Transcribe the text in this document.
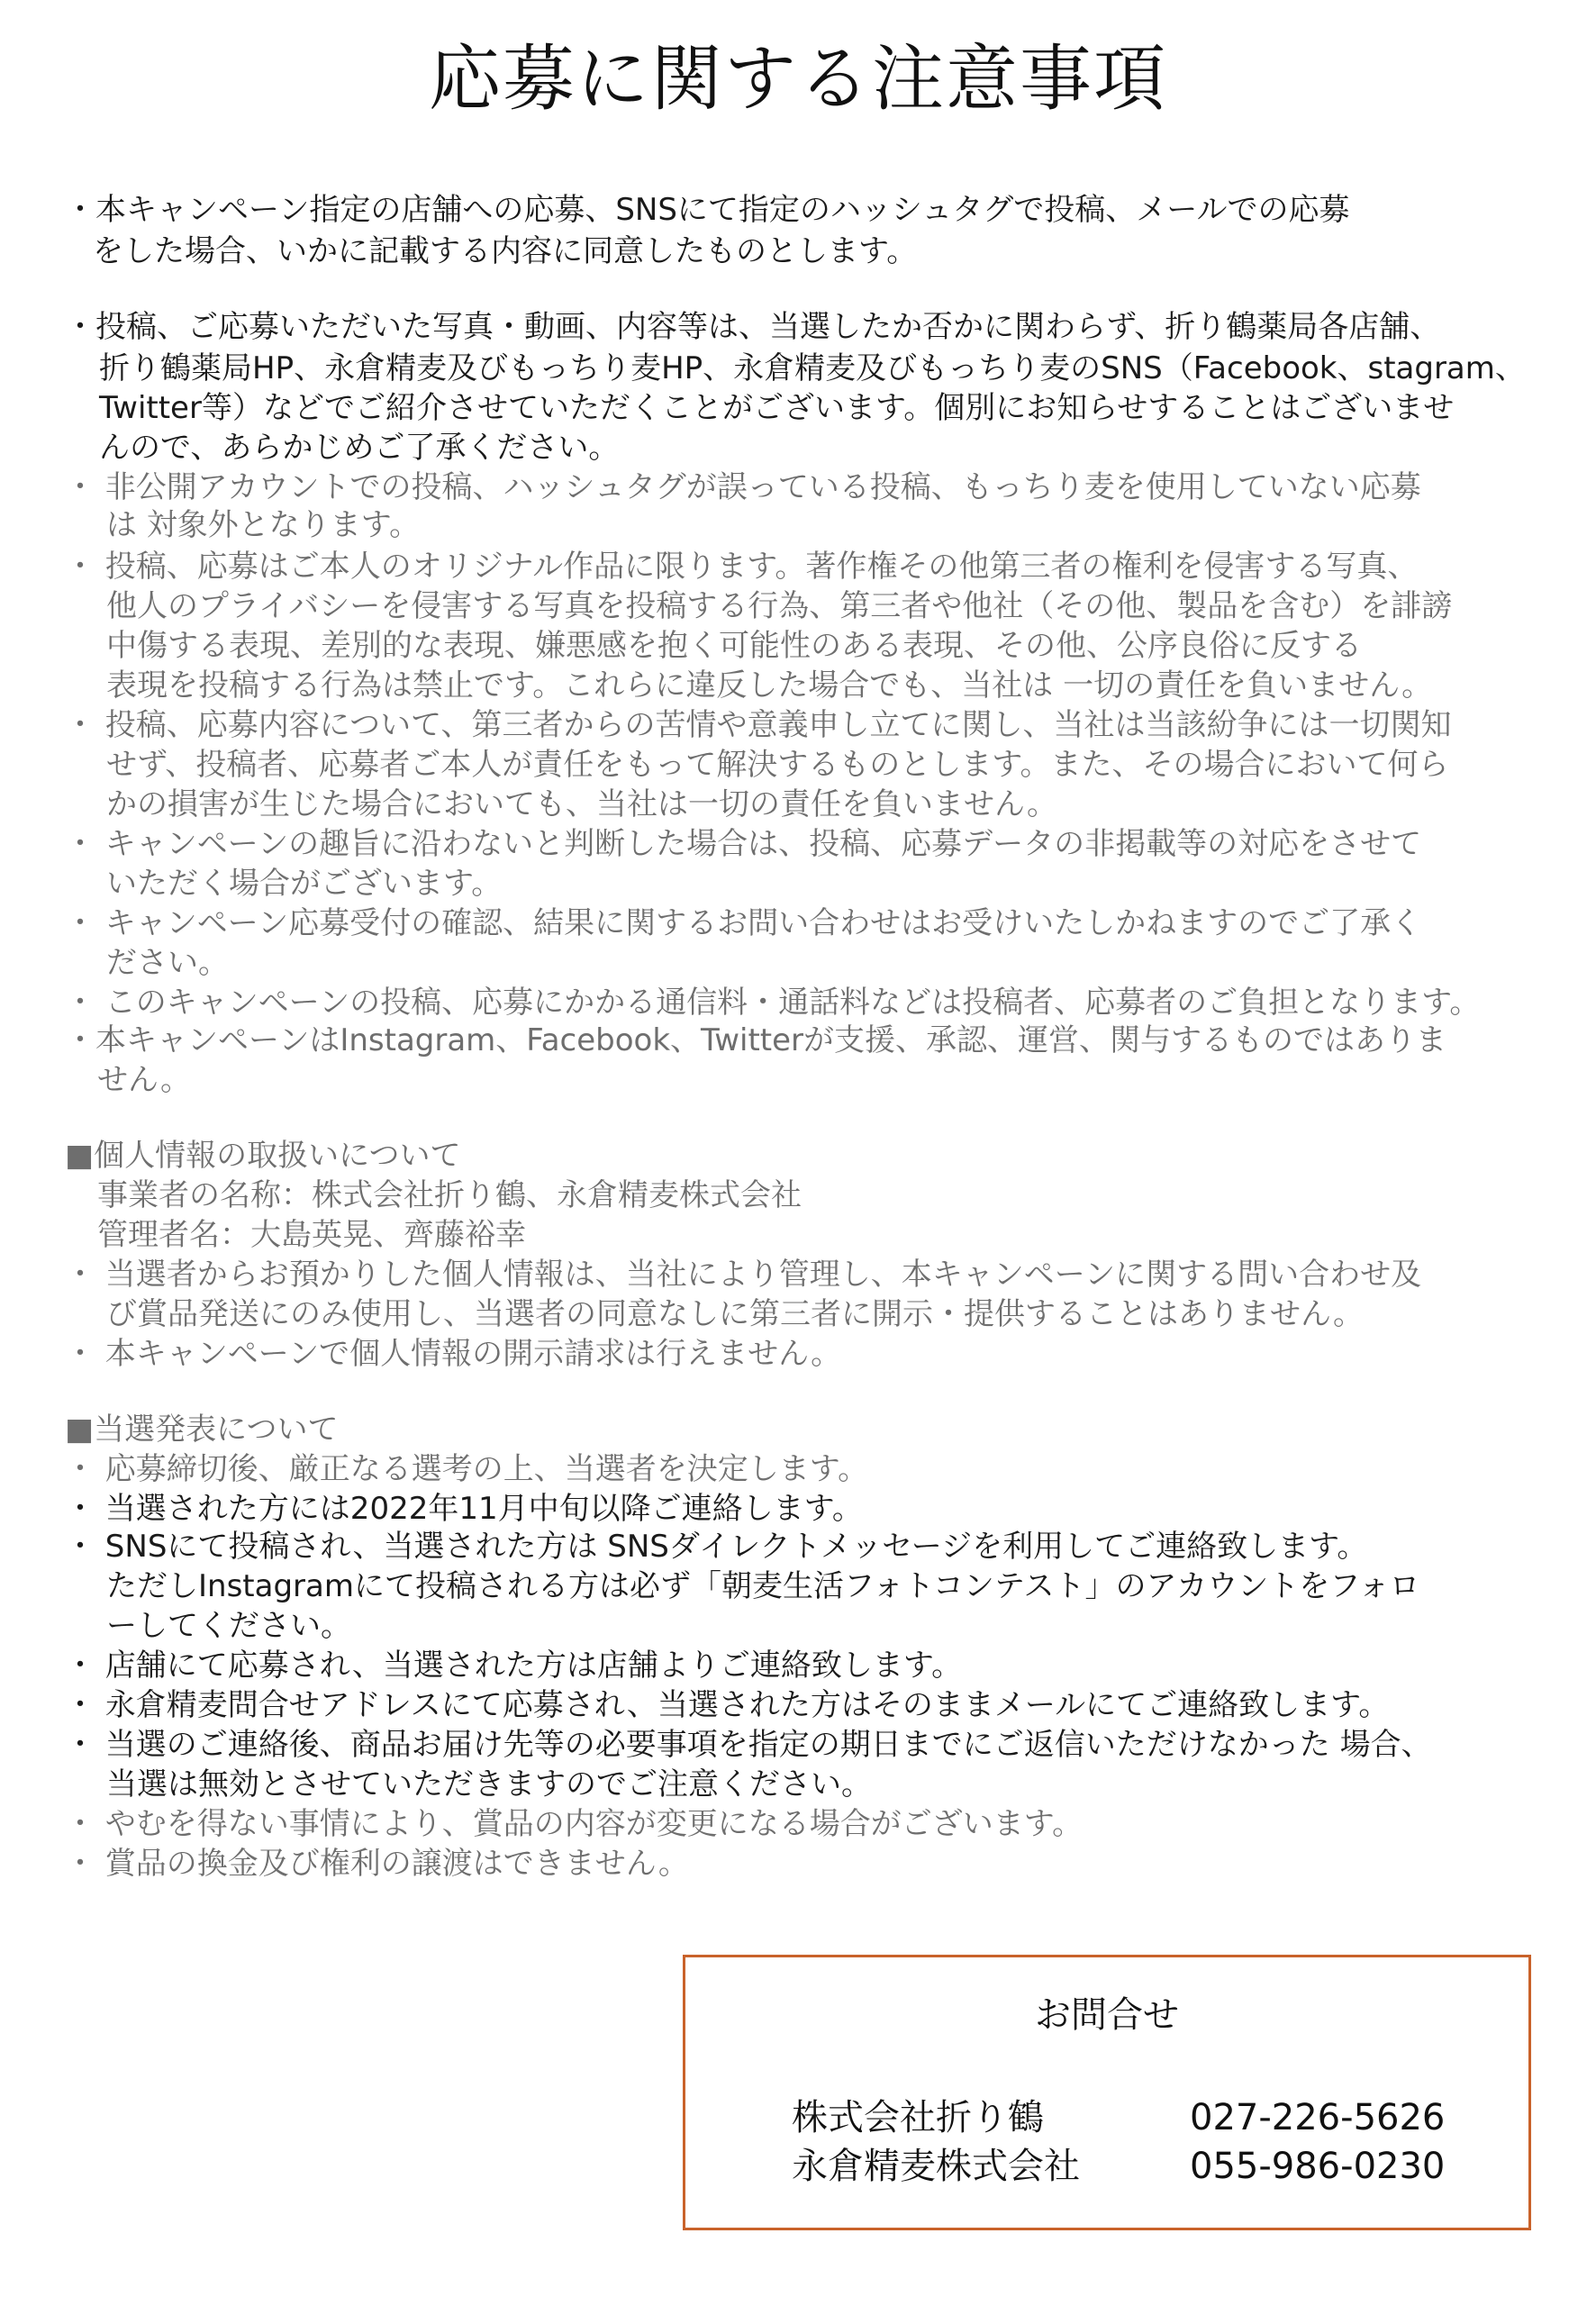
応募に関する注意事項
・本キャンペーン指定の店舗への応募、SNSにて指定のハッシュタグで投稿、メールでの応募
をした場合、いかに記載する内容に同意したものとします。
・投稿、ご応募いただいた写真・動画、内容等は、当選したか否かに関わらず、折り鶴薬局各店舗、
折り鶴薬局HP、永倉精麦及びもっちり麦HP、永倉精麦及びもっちり麦のSNS（Facebook、stagram、
Twitter等）などでご紹介させていただくことがございます。個別にお知らせすることはございませ
んので、あらかじめご了承ください。
・ 非公開アカウントでの投稿、ハッシュタグが誤っている投稿、もっちり麦を使用していない応募
は 対象外となります。
・ 投稿、応募はご本人のオリジナル作品に限ります。著作権その他第三者の権利を侵害する写真、
他人のプライバシーを侵害する写真を投稿する行為、第三者や他社（その他、製品を含む）を誹謗
中傷する表現、差別的な表現、嫌悪感を抱く可能性のある表現、その他、公序良俗に反する
表現を投稿する行為は禁止です。これらに違反した場合でも、当社は 一切の責任を負いません。
・ 投稿、応募内容について、第三者からの苦情や意義申し立てに関し、当社は当該紛争には一切関知
せず、投稿者、応募者ご本人が責任をもって解決するものとします。また、その場合において何ら
かの損害が生じた場合においても、当社は一切の責任を負いません。
・ キャンペーンの趣旨に沿わないと判断した場合は、投稿、応募データの非掲載等の対応をさせて
いただく場合がございます。
・ キャンペーン応募受付の確認、結果に関するお問い合わせはお受けいたしかねますのでご了承く
ださい。
・ このキャンペーンの投稿、応募にかかる通信料・通話料などは投稿者、応募者のご負担となります。
・本キャンペーンはInstagram、Facebook、Twitterが支援、承認、運営、関与するものではありま
せん。
■個人情報の取扱いについて
事業者の名称：株式会社折り鶴、永倉精麦株式会社
管理者名：大島英晃、齊藤裕幸
・ 当選者からお預かりした個人情報は、当社により管理し、本キャンペーンに関する問い合わせ及
び賞品発送にのみ使用し、当選者の同意なしに第三者に開示・提供することはありません。
・ 本キャンペーンで個人情報の開示請求は行えません。
■当選発表について
・ 応募締切後、厳正なる選考の上、当選者を決定します。
・ 当選された方には2022年11月中旬以降ご連絡します。
・ SNSにて投稿され、当選された方は SNSダイレクトメッセージを利用してご連絡致します。
ただしInstagramにて投稿される方は必ず「朝麦生活フォトコンテスト」のアカウントをフォロ
ーしてください。
・ 店舗にて応募され、当選された方は店舗よりご連絡致します。
・ 永倉精麦問合せアドレスにて応募され、当選された方はそのままメールにてご連絡致します。
・ 当選のご連絡後、商品お届け先等の必要事項を指定の期日までにご返信いただけなかった 場合、
当選は無効とさせていただきますのでご注意ください。
・ やむを得ない事情により、賞品の内容が変更になる場合がございます。
・ 賞品の換金及び権利の譲渡はできません。
お問合せ
株式会社折り鶴	027-226-5626
永倉精麦株式会社	055-986-0230
